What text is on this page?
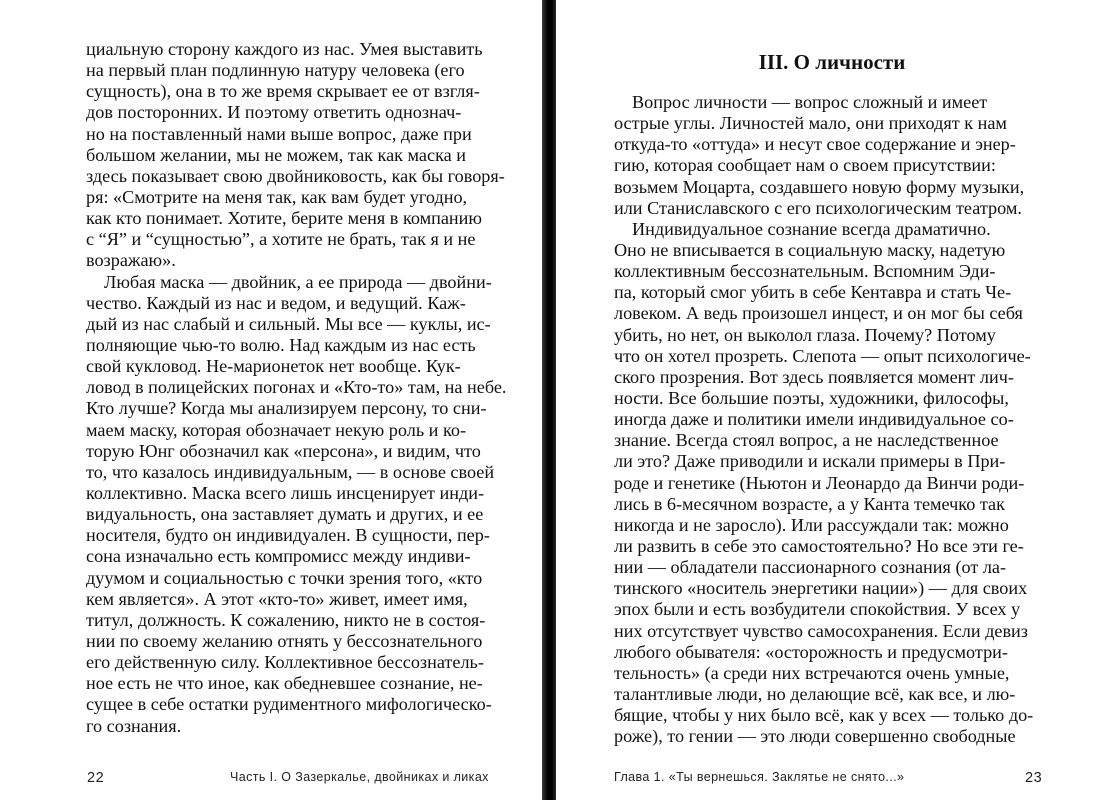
циальную сторону каждого из нас. Умея выставить
на первый план подлинную натуру человека (его
сущность), она в то же время скрывает ее от взгля-
дов посторонних. И поэтому ответить однознач-
но на поставленный нами выше вопрос, даже при
большом желании, мы не можем, так как маска и
здесь показывает свою двойниковость, как бы говоря-
ря: «Смотрите на меня так, как вам будет угодно,
как кто понимает. Хотите, берите меня в компанию
с “Я” и “сущностью”, а хотите не брать, так я и не
возражаю».
Любая маска — двойник, а ее природа — двойни-
чество. Каждый из нас и ведом, и ведущий. Каж-
дый из нас слабый и сильный. Мы все — куклы, ис-
полняющие чью-то волю. Над каждым из нас есть
свой кукловод. Не-марионеток нет вообще. Кук-
ловод в полицейских погонах и «Кто-то» там, на небе.
Кто лучше? Когда мы анализируем персону, то сни-
маем маску, которая обозначает некую роль и ко-
торую Юнг обозначил как «персона», и видим, что
то, что казалось индивидуальным, — в основе своей
коллективно. Маска всего лишь инсценирует инди-
видуальность, она заставляет думать и других, и ее
носителя, будто он индивидуален. В сущности, пер-
сона изначально есть компромисс между индиви-
дуумом и социальностью с точки зрения того, «кто
кем является». А этот «кто-то» живет, имеет имя,
титул, должность. К сожалению, никто не в состоя-
нии по своему желанию отнять у бессознательного
его действенную силу. Коллективное бессознатель-
ное есть не что иное, как обедневшее сознание, не-
сущее в себе остатки рудиментного мифологическо-
го сознания.
22	Часть I. О Зазеркалье, двойниках и ликах
III. О личности
Вопрос личности — вопрос сложный и имеет
острые углы. Личностей мало, они приходят к нам
откуда-то «оттуда» и несут свое содержание и энер-
гию, которая сообщает нам о своем присутствии:
возьмем Моцарта, создавшего новую форму музыки,
или Станиславского с его психологическим театром.
Индивидуальное сознание всегда драматично.
Оно не вписывается в социальную маску, надетую
коллективным бессознательным. Вспомним Эди-
па, который смог убить в себе Кентавра и стать Че-
ловеком. А ведь произошел инцест, и он мог бы себя
убить, но нет, он выколол глаза. Почему? Потому
что он хотел прозреть. Слепота — опыт психологиче-
ского прозрения. Вот здесь появляется момент лич-
ности. Все большие поэты, художники, философы,
иногда даже и политики имели индивидуальное со-
знание. Всегда стоял вопрос, а не наследственное
ли это? Даже приводили и искали примеры в При-
роде и генетике (Ньютон и Леонардо да Винчи роди-
лись в 6-месячном возрасте, а у Канта темечко так
никогда и не заросло). Или рассуждали так: можно
ли развить в себе это самостоятельно? Но все эти ге-
нии — обладатели пассионарного сознания (от ла-
тинского «носитель энергетики нации») — для своих
эпох были и есть возбудители спокойствия. У всех у
них отсутствует чувство самосохранения. Если девиз
любого обывателя: «осторожность и предусмотри-
тельность» (а среди них встречаются очень умные,
талантливые люди, но делающие всё, как все, и лю-
бящие, чтобы у них было всё, как у всех — только до-
роже), то гении — это люди совершенно свободные
Глава 1. «Ты вернешься. Заклятье не снято...»	23
